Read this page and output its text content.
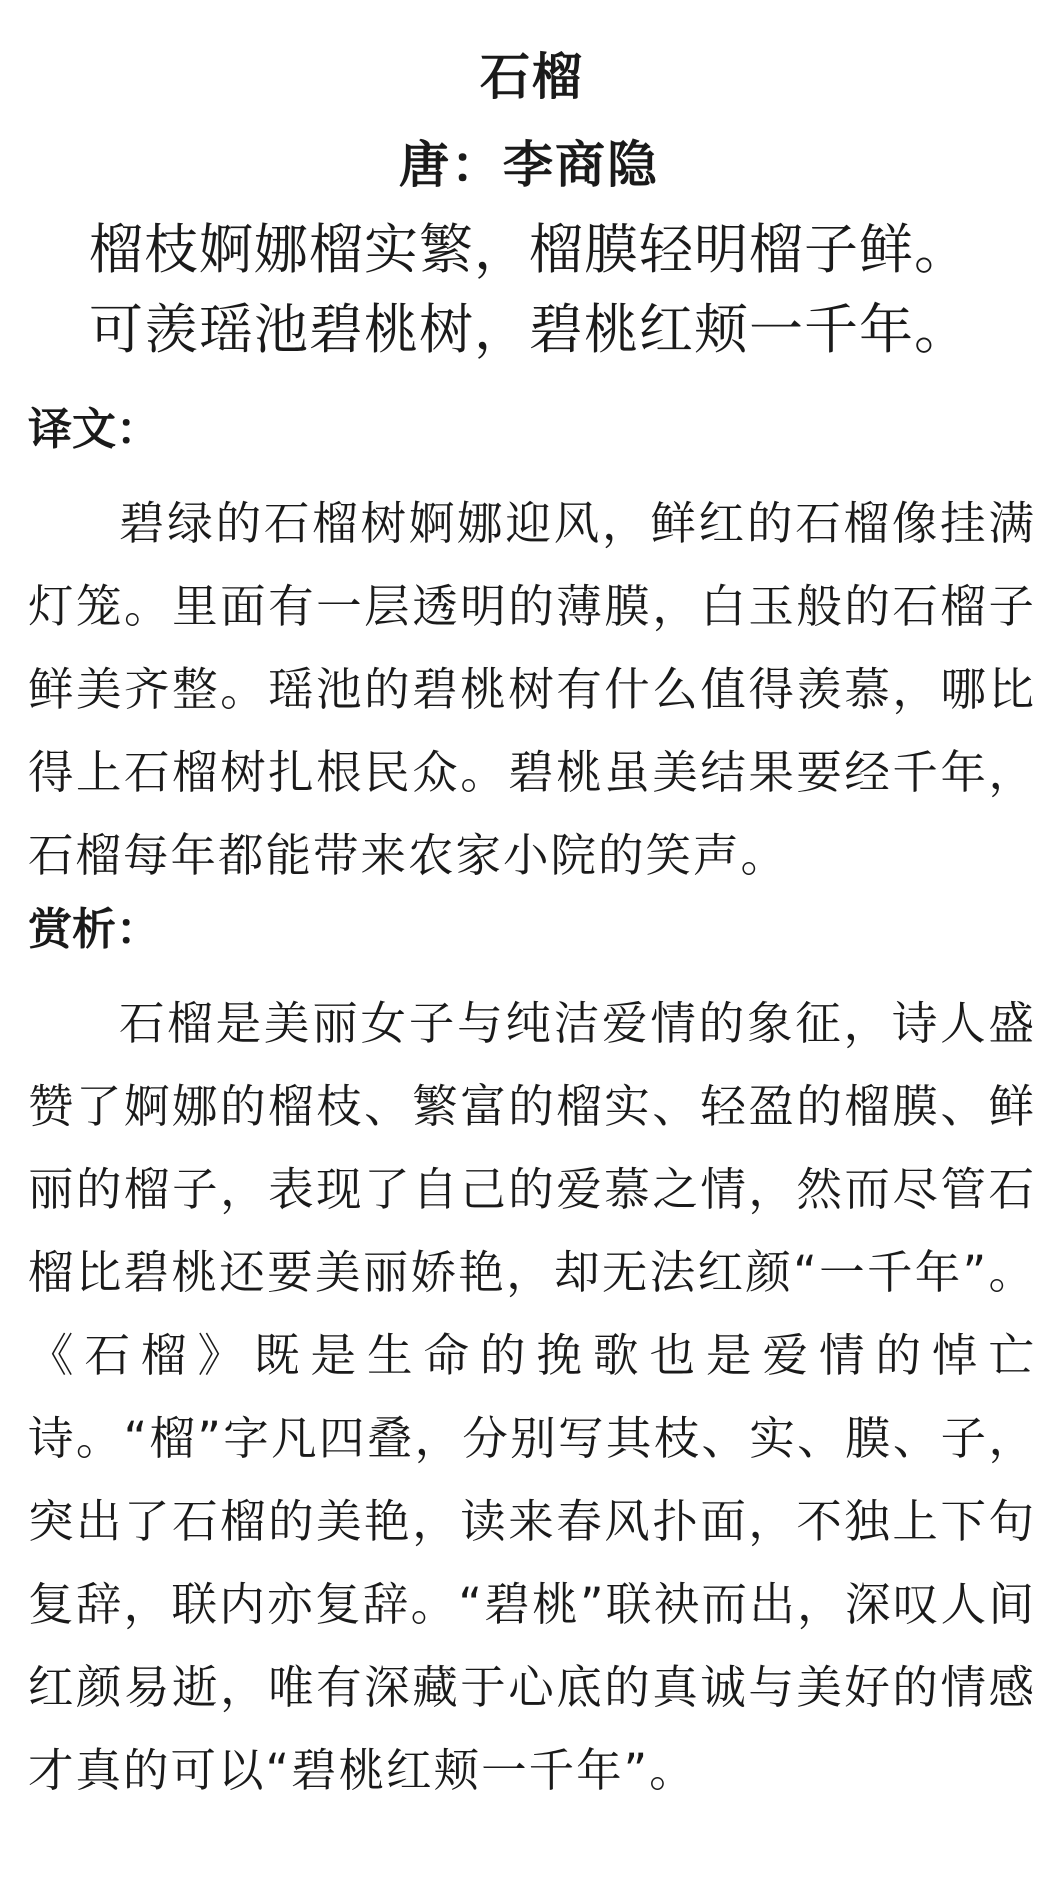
石榴
唐：李商隐
榴枝婀娜榴实繁，榴膜轻明榴子鲜。
可羡瑶池碧桃树，碧桃红颊一千年。
译文：

碧绿的石榴树婀娜迎风，鲜红的石榴像挂满灯笼。里面有一层透明的薄膜，白玉般的石榴子鲜美齐整。瑶池的碧桃树有什么值得羡慕，哪比得上石榴树扎根民众。碧桃虽美结果要经千年，石榴每年都能带来农家小院的笑声。

赏析：

石榴是美丽女子与纯洁爱情的象征，诗人盛赞了婀娜的榴枝、繁富的榴实、轻盈的榴膜、鲜丽的榴子，表现了自己的爱慕之情，然而尽管石榴比碧桃还要美丽娇艳，却无法红颜“一千年”。《石榴》既是生命的挽歌也是爱情的悼亡诗。“榴”字凡四叠，分别写其枝、实、膜、子，突出了石榴的美艳，读来春风扑面，不独上下句复辞，联内亦复辞。“碧桃”联袂而出，深叹人间红颜易逝，唯有深藏于心底的真诚与美好的情感才真的可以“碧桃红颊一千年”。
